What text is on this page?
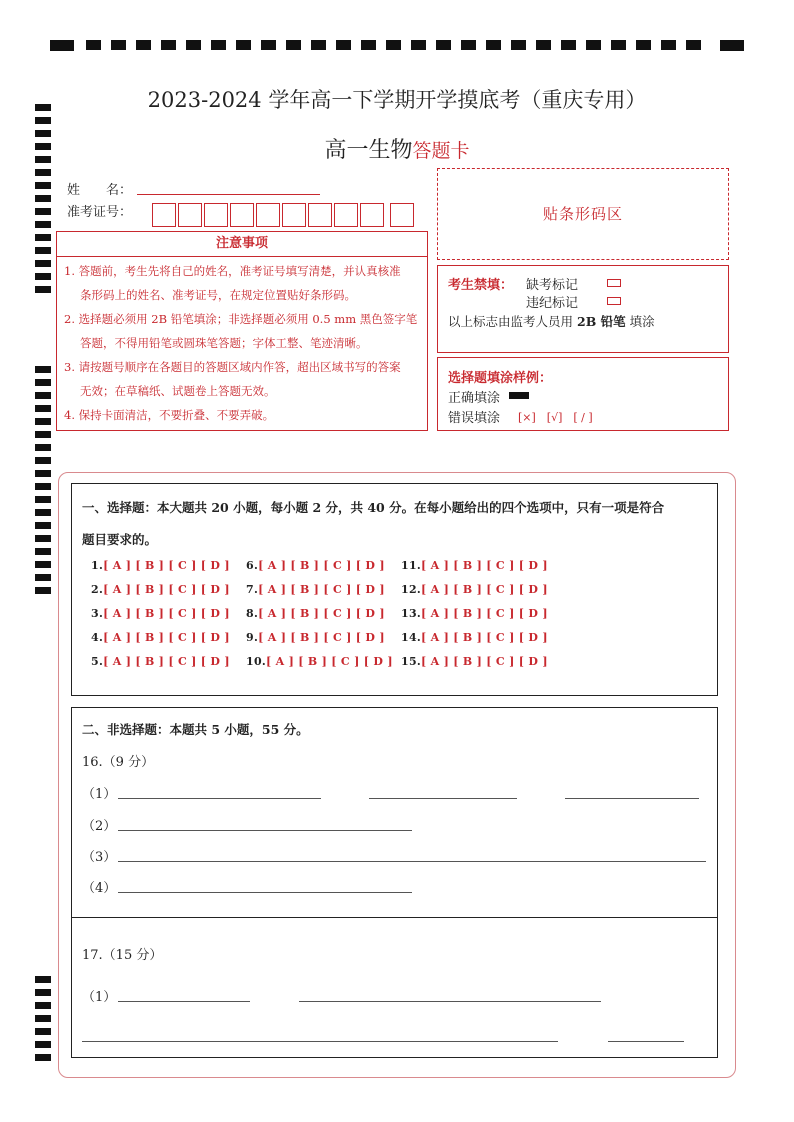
2023-2024 学年高一下学期开学摸底考（重庆专用）
高一生物答题卡
姓　　名：
准考证号：	贴条形码区
注意事项
1. 答题前，考生先将自己的姓名，准考证号填写清楚，并认真核准
条形码上的姓名、准考证号，在规定位置贴好条形码。
2. 选择题必须用 2B 铅笔填涂；非选择题必须用 0.5 mm 黑色签字笔
答题，不得用铅笔或圆珠笔答题；字体工整、笔迹清晰。
3. 请按题号顺序在各题目的答题区域内作答，超出区域书写的答案
无效；在草稿纸、试题卷上答题无效。
4. 保持卡面清洁，不要折叠、不要弄破。
考生禁填： 缺考标记
违纪标记
以上标志由监考人员用 2B 铅笔 填涂
选择题填涂样例：
正确填涂
错误填涂 [×]　[√]　[ / ]
一、选择题：本大题共 20 小题，每小题 2 分，共 40 分。在每小题给出的四个选项中，只有一项是符合
题目要求的。
1.[ A ] [ B ] [ C ] [ D ]
2.[ A ] [ B ] [ C ] [ D ]
3.[ A ] [ B ] [ C ] [ D ]
4.[ A ] [ B ] [ C ] [ D ]
5.[ A ] [ B ] [ C ] [ D ]
6.[ A ] [ B ] [ C ] [ D ]
7.[ A ] [ B ] [ C ] [ D ]
8.[ A ] [ B ] [ C ] [ D ]
9.[ A ] [ B ] [ C ] [ D ]
10.[ A ] [ B ] [ C ] [ D ]
11.[ A ] [ B ] [ C ] [ D ]
12.[ A ] [ B ] [ C ] [ D ]
13.[ A ] [ B ] [ C ] [ D ]
14.[ A ] [ B ] [ C ] [ D ]
15.[ A ] [ B ] [ C ] [ D ]
二、非选择题：本题共 5 小题，55 分。
16.（9 分）
（1）
（2）
（3）
（4）
17.（15 分）
（1）
